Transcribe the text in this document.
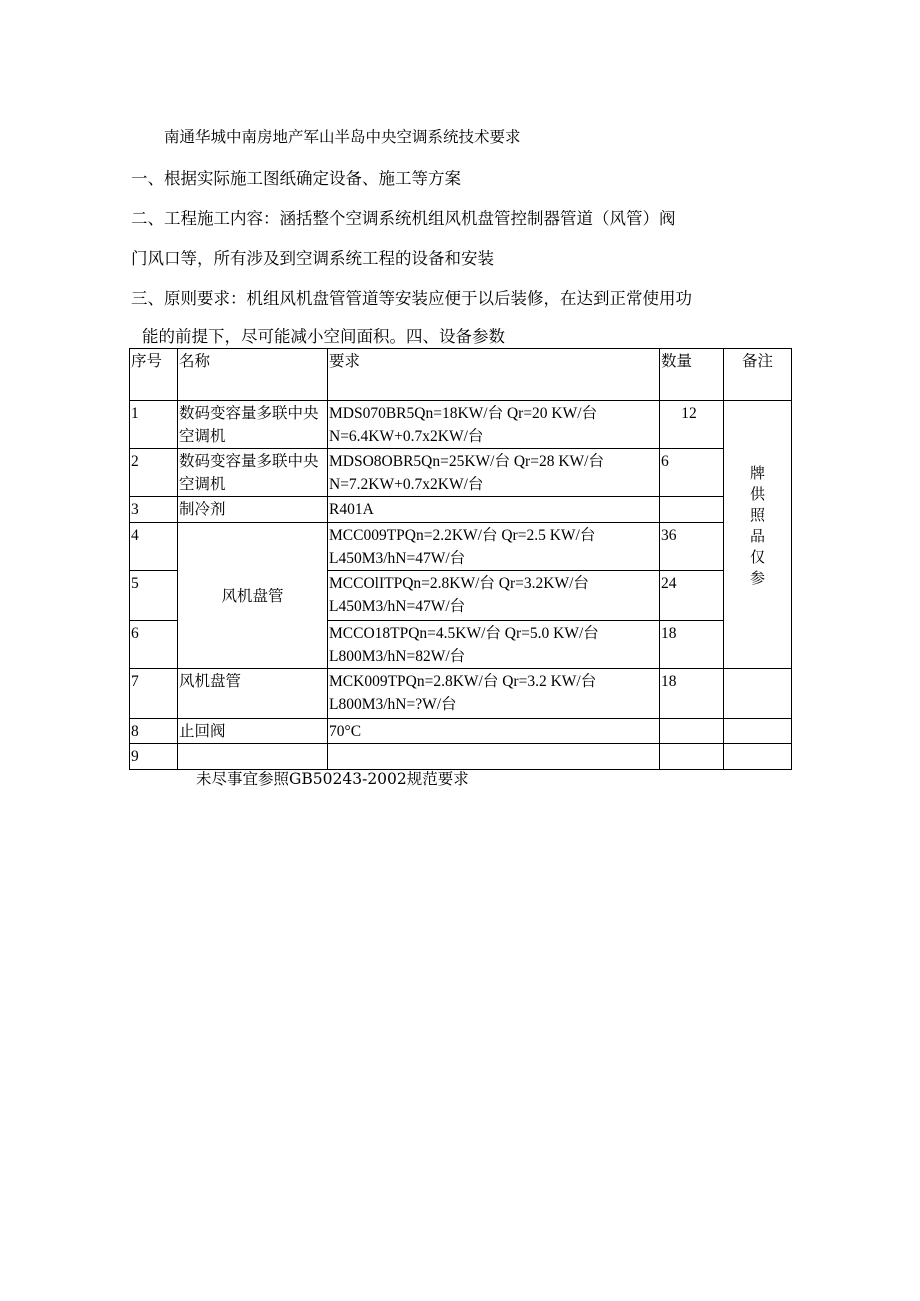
南通华城中南房地产军山半岛中央空调系统技术要求
一、根据实际施工图纸确定设备、施工等方案
二、工程施工内容：涵括整个空调系统机组风机盘管控制器管道（风管）阀
门风口等，所有涉及到空调系统工程的设备和安装
三、原则要求：机组风机盘管管道等安装应便于以后装修，在达到正常使用功
能的前提下，尽可能减小空间面积。四、设备参数
序号	名称	要求	数量	备注
1	数码变容量多联中央空调机	MDS070BR5Qn=18KW/台 Qr=20 KW/台 N=6.4KW+0.7x2KW/台	12	牌供照品仅参
2	数码变容量多联中央空调机	MDSO8OBR5Qn=25KW/台 Qr=28 KW/台 N=7.2KW+0.7x2KW/台	6	
3	制冷剂	R401A		
4	风机盘管	MCC009TPQn=2.2KW/台 Qr=2.5 KW/台 L450M3/hN=47W/台	36	
5		MCCOlITPQn=2.8KW/台 Qr=3.2KW/台 L450M3/hN=47W/台	24	
6		MCCO18TPQn=4.5KW/台 Qr=5.0 KW/台 L800M3/hN=82W/台	18	
7	风机盘管	MCK009TPQn=2.8KW/台 Qr=3.2 KW/台 L800M3/hN=?W/台	18	
8	止回阀	70°C		
9				
未尽事宜参照GB50243-2002规范要求
